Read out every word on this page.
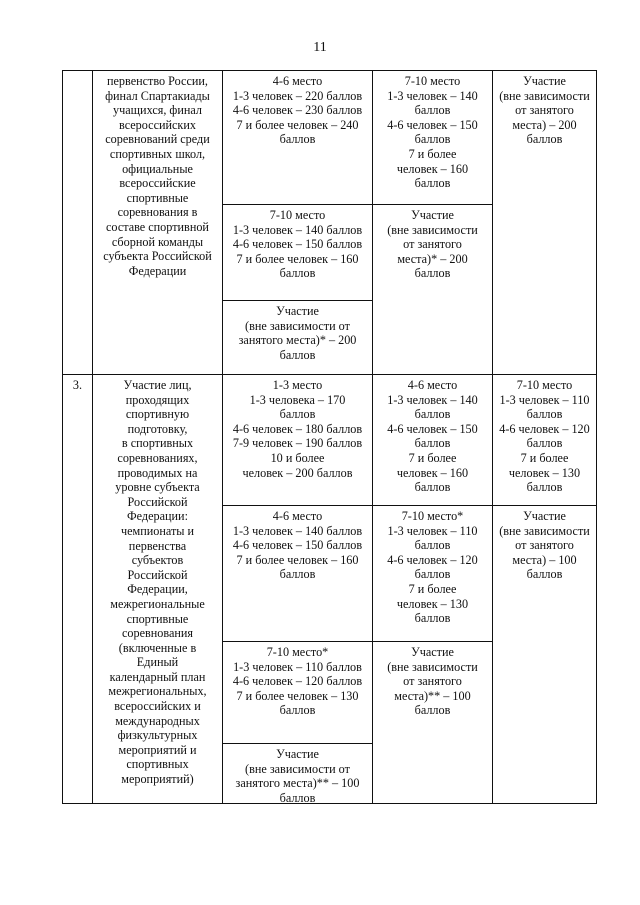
11
первенство России,
финал Спартакиады
учащихся, финал
всероссийских
соревнований среди
спортивных школ,
официальные
всероссийские
спортивные
соревнования в
составе спортивной
сборной команды
субъекта Российской
Федерации
4-6 место
1-3 человек – 220 баллов
4-6 человек – 230 баллов
7 и более человек – 240
баллов
7-10 место
1-3 человек – 140 баллов
4-6 человек – 150 баллов
7 и более человек – 160
баллов
Участие
(вне зависимости от
занятого места)* – 200
баллов
7-10 место
1-3 человек – 140
баллов
4-6 человек – 150
баллов
7 и более
человек – 160
баллов
Участие
(вне зависимости
от занятого
места)* – 200
баллов
Участие
(вне зависимости
от занятого
места) – 200
баллов
3.	Участие лиц,
проходящих
спортивную
подготовку,
в спортивных
соревнованиях,
проводимых на
уровне субъекта
Российской
Федерации:
чемпионаты и
первенства
субъектов
Российской
Федерации,
межрегиональные
спортивные
соревнования
(включенные в
Единый
календарный план
межрегиональных,
всероссийских и
международных
физкультурных
мероприятий и
спортивных
мероприятий)
1-3 место
1-3 человека – 170
баллов
4-6 человек – 180 баллов
7-9 человек – 190 баллов
10 и более
человек – 200 баллов
4-6 место
1-3 человек – 140 баллов
4-6 человек – 150 баллов
7 и более человек – 160
баллов
7-10 место*
1-3 человек – 110 баллов
4-6 человек – 120 баллов
7 и более человек – 130
баллов
Участие
(вне зависимости от
занятого места)** – 100
баллов
4-6 место
1-3 человек – 140
баллов
4-6 человек – 150
баллов
7 и более
человек – 160
баллов
7-10 место*
1-3 человек – 110
баллов
4-6 человек – 120
баллов
7 и более
человек – 130
баллов
Участие
(вне зависимости
от занятого
места)** – 100
баллов
7-10 место
1-3 человек – 110
баллов
4-6 человек – 120
баллов
7 и более
человек – 130
баллов
Участие
(вне зависимости
от занятого
места) – 100
баллов
